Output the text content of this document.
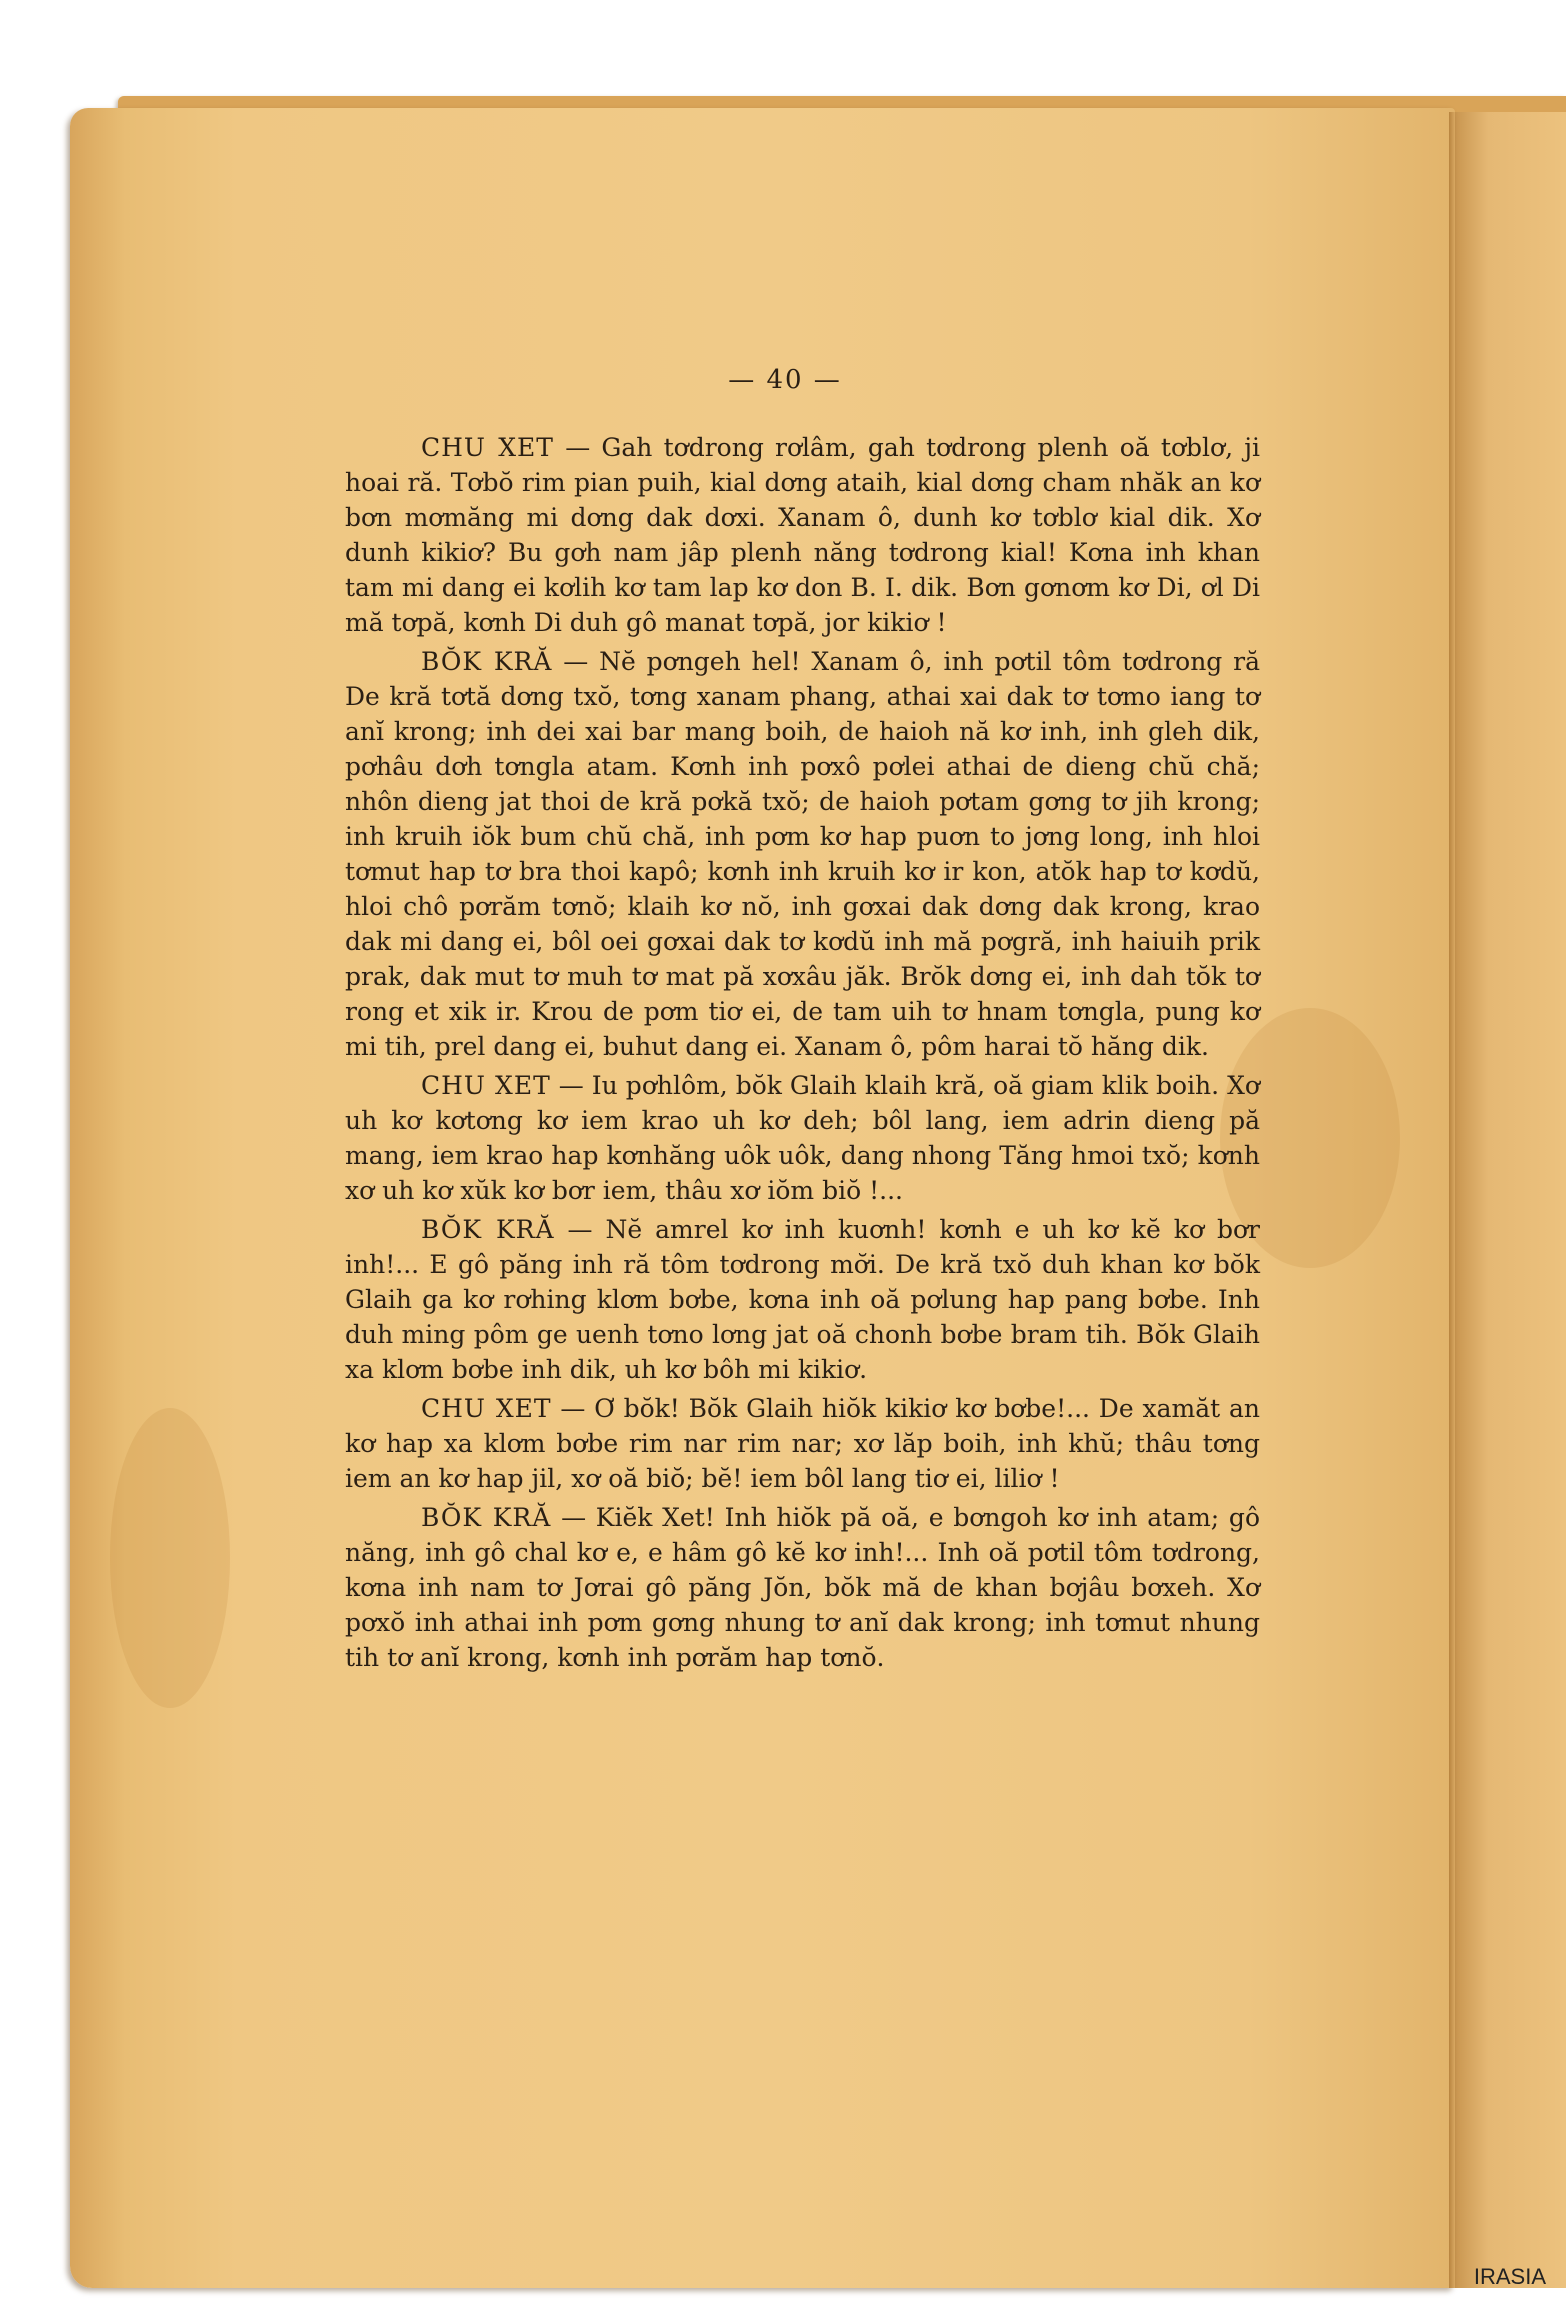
— 40 —

CHU XET — Gah tơdrong rơlâm, gah tơdrong plenh oă tơblơ, ji hoai ră. Tơbŏ rim pian puih, kial dơng ataih, kial dơng cham nhăk an kơ bơn mơmăng mi dơng dak dơxi. Xanam ô, dunh kơ tơblơ kial dik. Xơ dunh kikiơ? Bu gơh nam jâp plenh năng tơdrong kial! Kơna inh khan tam mi dang ei kơlih kơ tam lap kơ don B. I. dik. Bơn gơnơm kơ Di, ơl Di mă tơpă, kơnh Di duh gô manat tơpă, jor kikiơ !

BŎK KRĂ — Nĕ pơngeh hel! Xanam ô, inh pơtil tôm tơdrong ră De kră tơtă dơng txŏ, tơng xanam phang, athai xai dak tơ tơmo iang tơ anĭ krong; inh dei xai bar mang boih, de haioh nă kơ inh, inh gleh dik, pơhâu dơh tơngla atam. Kơnh inh pơxô pơlei athai de dieng chŭ chă; nhôn dieng jat thoi de kră pơkă txŏ; de haioh pơtam gơng tơ jih krong; inh kruih iŏk bum chŭ chă, inh pơm kơ hap puơn to jơng long, inh hloi tơmut hap tơ bra thoi kapô; kơnh inh kruih kơ ir kon, atŏk hap tơ kơdŭ, hloi chô pơrăm tơnŏ; klaih kơ nŏ, inh gơxai dak dơng dak krong, krao dak mi dang ei, bôl oei gơxai dak tơ kơdŭ inh mă pơgră, inh haiuih prik prak, dak mut tơ muh tơ mat pă xơxâu jăk. Brŏk dơng ei, inh dah tŏk tơ rong et xik ir. Krou de pơm tiơ ei, de tam uih tơ hnam tơngla, pung kơ mi tih, prel dang ei, buhut dang ei. Xanam ô, pôm harai tŏ hăng dik.

CHU XET — Iu pơhlôm, bŏk Glaih klaih kră, oă giam klik boih. Xơ uh kơ kơtơng kơ iem krao uh kơ deh; bôl lang, iem adrin dieng pă mang, iem krao hap kơnhăng uôk uôk, dang nhong Tăng hmoi txŏ; kơnh xơ uh kơ xŭk kơ bơr iem, thâu xơ iŏm biŏ !...

BŎK KRĂ — Nĕ amrel kơ inh kuơnh! kơnh e uh kơ kĕ kơ bơr inh!... E gô păng inh ră tôm tơdrong mơ̆i. De kră txŏ duh khan kơ bŏk Glaih ga kơ rơhing klơm bơbe, kơna inh oă pơlung hap pang bơbe. Inh duh ming pôm ge uenh tơno lơng jat oă chonh bơbe bram tih. Bŏk Glaih xa klơm bơbe inh dik, uh kơ bôh mi kikiơ.

CHU XET — Ơ bŏk! Bŏk Glaih hiŏk kikiơ kơ bơbe!... De xamăt an kơ hap xa klơm bơbe rim nar rim nar; xơ lăp boih, inh khŭ; thâu tơng iem an kơ hap jil, xơ oă biŏ; bĕ! iem bôl lang tiơ ei, liliơ !

BŎK KRĂ — Kiĕk Xet! Inh hiŏk pă oă, e bơngoh kơ inh atam; gô năng, inh gô chal kơ e, e hâm gô kĕ kơ inh!... Inh oă pơtil tôm tơdrong, kơna inh nam tơ Jơrai gô păng Jŏn, bŏk mă de khan bơjâu bơxeh. Xơ pơxŏ inh athai inh pơm gơng nhung tơ anĭ dak krong; inh tơmut nhung tih tơ anĭ krong, kơnh inh pơrăm hap tơnŏ.

IRASIA
